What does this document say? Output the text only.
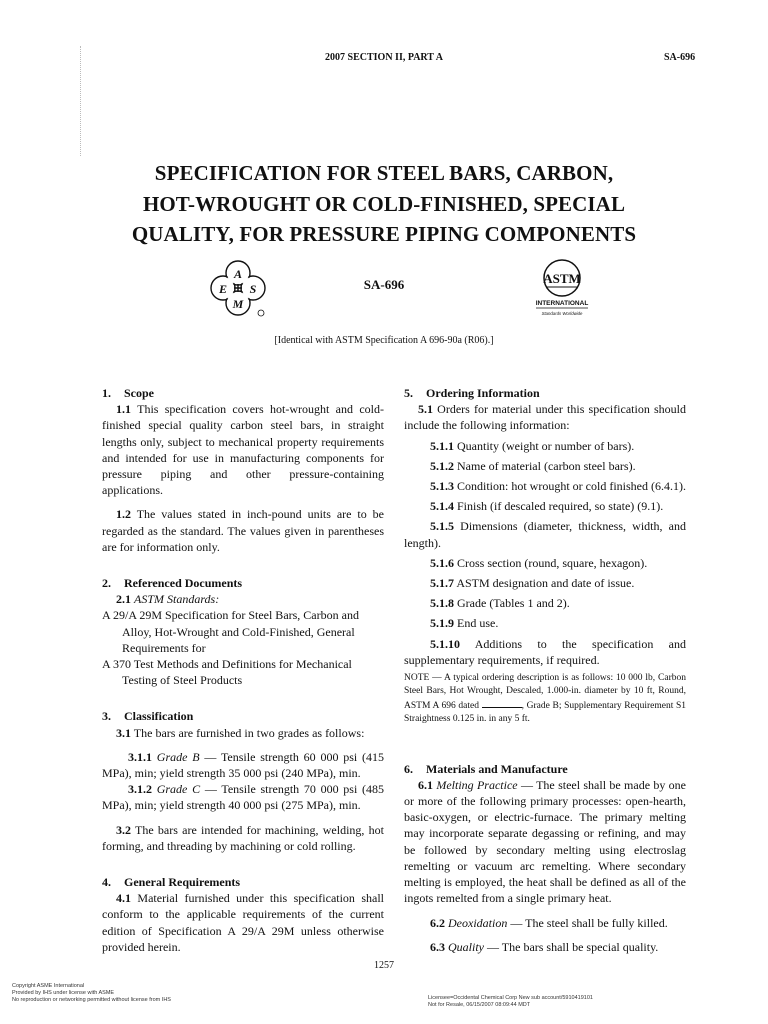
2007 SECTION II, PART A	SA-696
SPECIFICATION FOR STEEL BARS, CARBON,
HOT-WROUGHT OR COLD-FINISHED, SPECIAL
QUALITY, FOR PRESSURE PIPING COMPONENTS
A
E S
M
SA-696	ASTM
INTERNATIONAL
Standards Worldwide
[Identical with ASTM Specification A 696-90a (R06).]
1. Scope

1.1 This specification covers hot-wrought and cold-finished special quality carbon steel bars, in straight lengths only, subject to mechanical property requirements and intended for use in manufacturing components for pressure piping and other pressure-containing applications.

1.2 The values stated in inch-pound units are to be regarded as the standard. The values given in parentheses are for information only.

2. Referenced Documents

2.1 ASTM Standards:

A 29/A 29M Specification for Steel Bars, Carbon and Alloy, Hot-Wrought and Cold-Finished, General Requirements for

A 370 Test Methods and Definitions for Mechanical Testing of Steel Products

3. Classification

3.1 The bars are furnished in two grades as follows:

3.1.1 Grade B — Tensile strength 60 000 psi (415 MPa), min; yield strength 35 000 psi (240 MPa), min.

3.1.2 Grade C — Tensile strength 70 000 psi (485 MPa), min; yield strength 40 000 psi (275 MPa), min.

3.2 The bars are intended for machining, welding, hot forming, and threading by machining or cold rolling.

4. General Requirements

4.1 Material furnished under this specification shall conform to the applicable requirements of the current edition of Specification A 29/A 29M unless otherwise provided herein.

5. Ordering Information

5.1 Orders for material under this specification should include the following information:

5.1.1 Quantity (weight or number of bars).

5.1.2 Name of material (carbon steel bars).

5.1.3 Condition: hot wrought or cold finished (6.4.1).

5.1.4 Finish (if descaled required, so state) (9.1).

5.1.5 Dimensions (diameter, thickness, width, and length).

5.1.6 Cross section (round, square, hexagon).

5.1.7 ASTM designation and date of issue.

5.1.8 Grade (Tables 1 and 2).

5.1.9 End use.

5.1.10 Additions to the specification and supplementary requirements, if required.

NOTE — A typical ordering description is as follows: 10 000 lb, Carbon Steel Bars, Hot Wrought, Descaled, 1.000-in. diameter by 10 ft, Round, ASTM A 696 dated	, Grade B; Supplementary Requirement S1 Straightness 0.125 in. in any 5 ft.

6. Materials and Manufacture

6.1 Melting Practice — The steel shall be made by one or more of the following primary processes: open-hearth, basic-oxygen, or electric-furnace. The primary melting may incorporate separate degassing or refining, and may be followed by secondary melting using electroslag remelting or vacuum arc remelting. Where secondary melting is employed, the heat shall be defined as all of the ingots remelted from a single primary heat.

6.2 Deoxidation — The steel shall be fully killed.

6.3 Quality — The bars shall be special quality.

1257
Copyright ASME International
Provided by IHS under license with ASME
No reproduction or networking permitted without license from IHS	Licensee=Occidental Chemical Corp New sub account/5910419101
Not for Resale, 06/15/2007 08:09:44 MDT
